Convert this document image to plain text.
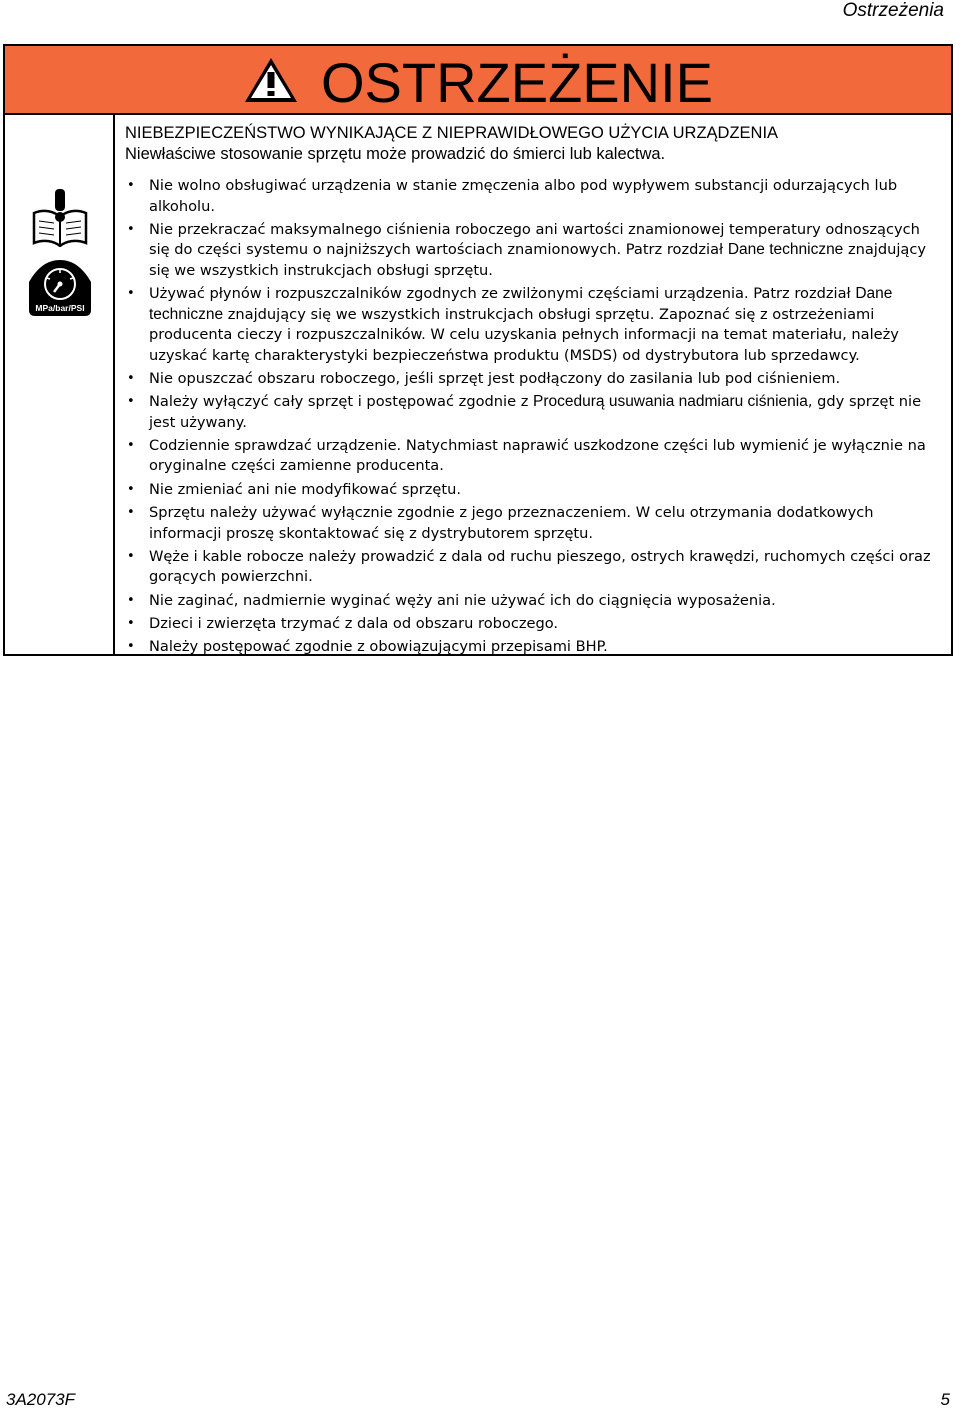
Ostrzeżenia
OSTRZEŻENIE
MPa/bar/PSI
NIEBEZPIECZEŃSTWO WYNIKAJĄCE Z NIEPRAWIDŁOWEGO UŻYCIA URZĄDZENIA
Niewłaściwe stosowanie sprzętu może prowadzić do śmierci lub kalectwa.
• Nie wolno obsługiwać urządzenia w stanie zmęczenia albo pod wypływem substancji odurzających lub alkoholu.
• Nie przekraczać maksymalnego ciśnienia roboczego ani wartości znamionowej temperatury odnoszących się do części systemu o najniższych wartościach znamionowych. Patrz rozdział Dane techniczne znajdujący się we wszystkich instrukcjach obsługi sprzętu.
• Używać płynów i rozpuszczalników zgodnych ze zwilżonymi częściami urządzenia. Patrz rozdział Dane techniczne znajdujący się we wszystkich instrukcjach obsługi sprzętu. Zapoznać się z ostrzeżeniami producenta cieczy i rozpuszczalników. W celu uzyskania pełnych informacji na temat materiału, należy uzyskać kartę charakterystyki bezpieczeństwa produktu (MSDS) od dystrybutora lub sprzedawcy.
• Nie opuszczać obszaru roboczego, jeśli sprzęt jest podłączony do zasilania lub pod ciśnieniem.
• Należy wyłączyć cały sprzęt i postępować zgodnie z Procedurą usuwania nadmiaru ciśnienia, gdy sprzęt nie jest używany.
• Codziennie sprawdzać urządzenie. Natychmiast naprawić uszkodzone części lub wymienić je wyłącznie na oryginalne części zamienne producenta.
• Nie zmieniać ani nie modyfikować sprzętu.
• Sprzętu należy używać wyłącznie zgodnie z jego przeznaczeniem. W celu otrzymania dodatkowych informacji proszę skontaktować się z dystrybutorem sprzętu.
• Węże i kable robocze należy prowadzić z dala od ruchu pieszego, ostrych krawędzi, ruchomych części oraz gorących powierzchni.
• Nie zaginać, nadmiernie wyginać węży ani nie używać ich do ciągnięcia wyposażenia.
• Dzieci i zwierzęta trzymać z dala od obszaru roboczego.
• Należy postępować zgodnie z obowiązującymi przepisami BHP.
3A2073F	5
